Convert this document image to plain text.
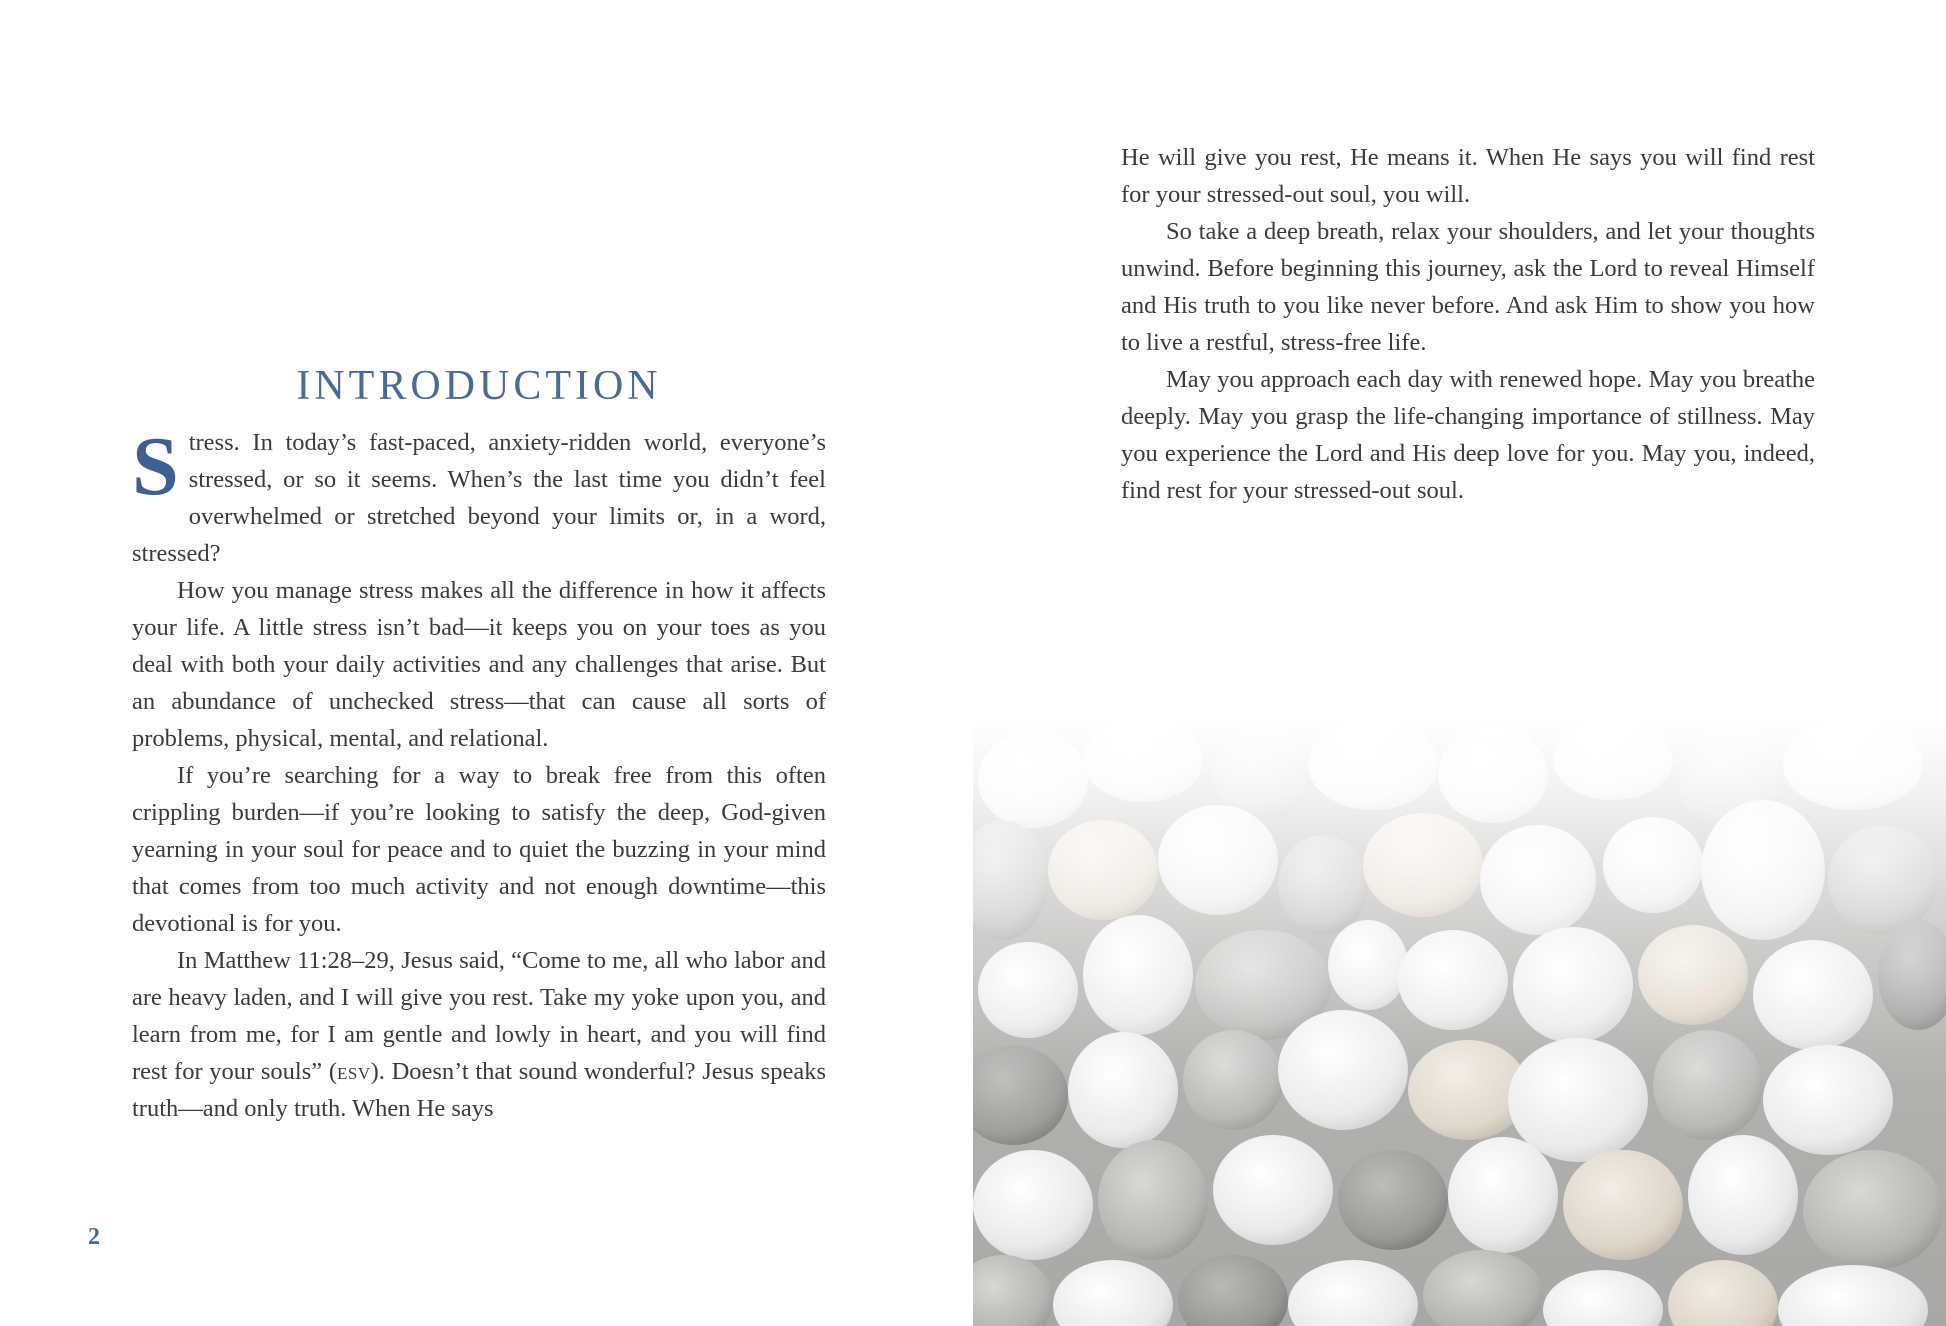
INTRODUCTION

Stress. In today’s fast-paced, anxiety-ridden world, everyone’s stressed, or so it seems. When’s the last time you didn’t feel overwhelmed or stretched beyond your limits or, in a word, stressed?

How you manage stress makes all the difference in how it affects your life. A little stress isn’t bad—it keeps you on your toes as you deal with both your daily activities and any challenges that arise. But an abundance of unchecked stress—that can cause all sorts of problems, physical, mental, and relational.

If you’re searching for a way to break free from this often crippling burden—if you’re looking to satisfy the deep, God-given yearning in your soul for peace and to quiet the buzzing in your mind that comes from too much activity and not enough downtime—this devotional is for you.

In Matthew 11:28–29, Jesus said, “Come to me, all who labor and are heavy laden, and I will give you rest. Take my yoke upon you, and learn from me, for I am gentle and lowly in heart, and you will find rest for your souls” (esv). Doesn’t that sound wonderful? Jesus speaks truth—and only truth. When He says

2

He will give you rest, He means it. When He says you will find rest for your stressed-out soul, you will.

So take a deep breath, relax your shoulders, and let your thoughts unwind. Before beginning this journey, ask the Lord to reveal Himself and His truth to you like never before. And ask Him to show you how to live a restful, stress-free life.

May you approach each day with renewed hope. May you breathe deeply. May you grasp the life-changing importance of stillness. May you experience the Lord and His deep love for you. May you, indeed, find rest for your stressed-out soul.
